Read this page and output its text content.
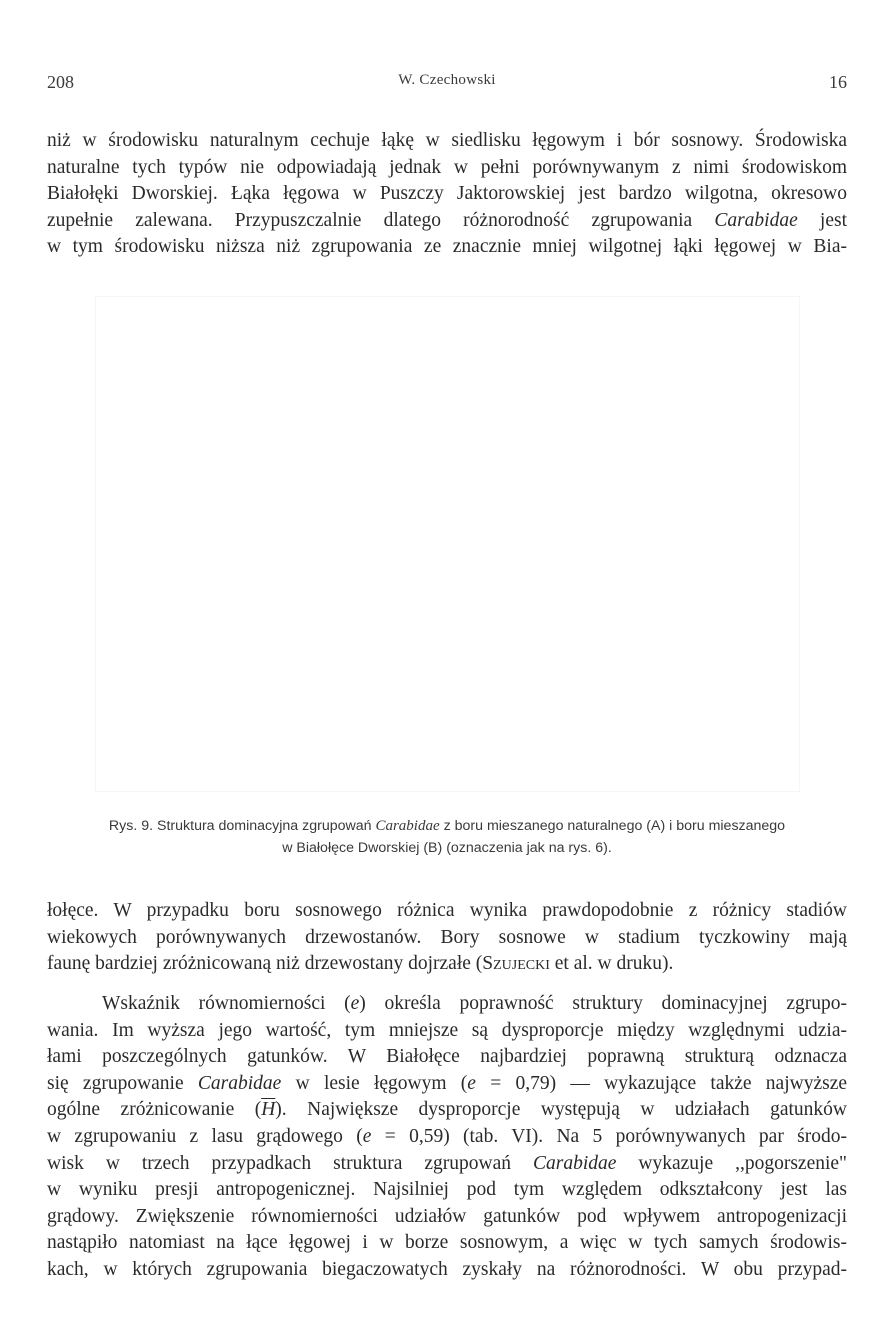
208	W. Czechowski	16
niż w środowisku naturalnym cechuje łąkę w siedlisku łęgowym i bór sosnowy. Środowiska
naturalne tych typów nie odpowiadają jednak w pełni porównywanym z nimi środowiskom
Białołęki Dworskiej. Łąka łęgowa w Puszczy Jaktorowskiej jest bardzo wilgotna, okresowo
zupełnie zalewana. Przypuszczalnie dlatego różnorodność zgrupowania Carabidae jest
w tym środowisku niższa niż zgrupowania ze znacznie mniej wilgotnej łąki łęgowej w Bia-
Rys. 9. Struktura dominacyjna zgrupowań Carabidae z boru mieszanego naturalnego (A) i boru mieszanego
w Białołęce Dworskiej (B) (oznaczenia jak na rys. 6).
łołęce. W przypadku boru sosnowego różnica wynika prawdopodobnie z różnicy stadiów
wiekowych porównywanych drzewostanów. Bory sosnowe w stadium tyczkowiny mają
faunę bardziej zróżnicowaną niż drzewostany dojrzałe (Szujecki et al. w druku).
Wskaźnik równomierności (e) określa poprawność struktury dominacyjnej zgrupo-
wania. Im wyższa jego wartość, tym mniejsze są dysproporcje między względnymi udzia-
łami poszczególnych gatunków. W Białołęce najbardziej poprawną strukturą odznacza
się zgrupowanie Carabidae w lesie łęgowym (e = 0,79) — wykazujące także najwyższe
ogólne zróżnicowanie $(\overline{H})$. Największe dysproporcje występują w udziałach gatunków
w zgrupowaniu z lasu grądowego (e = 0,59) (tab. VI). Na 5 porównywanych par środo-
wisk w trzech przypadkach struktura zgrupowań Carabidae wykazuje ,,pogorszenie"
w wyniku presji antropogenicznej. Najsilniej pod tym względem odkształcony jest las
grądowy. Zwiększenie równomierności udziałów gatunków pod wpływem antropogenizacji
nastąpiło natomiast na łące łęgowej i w borze sosnowym, a więc w tych samych środowis-
kach, w których zgrupowania biegaczowatych zyskały na różnorodności. W obu przypad-
